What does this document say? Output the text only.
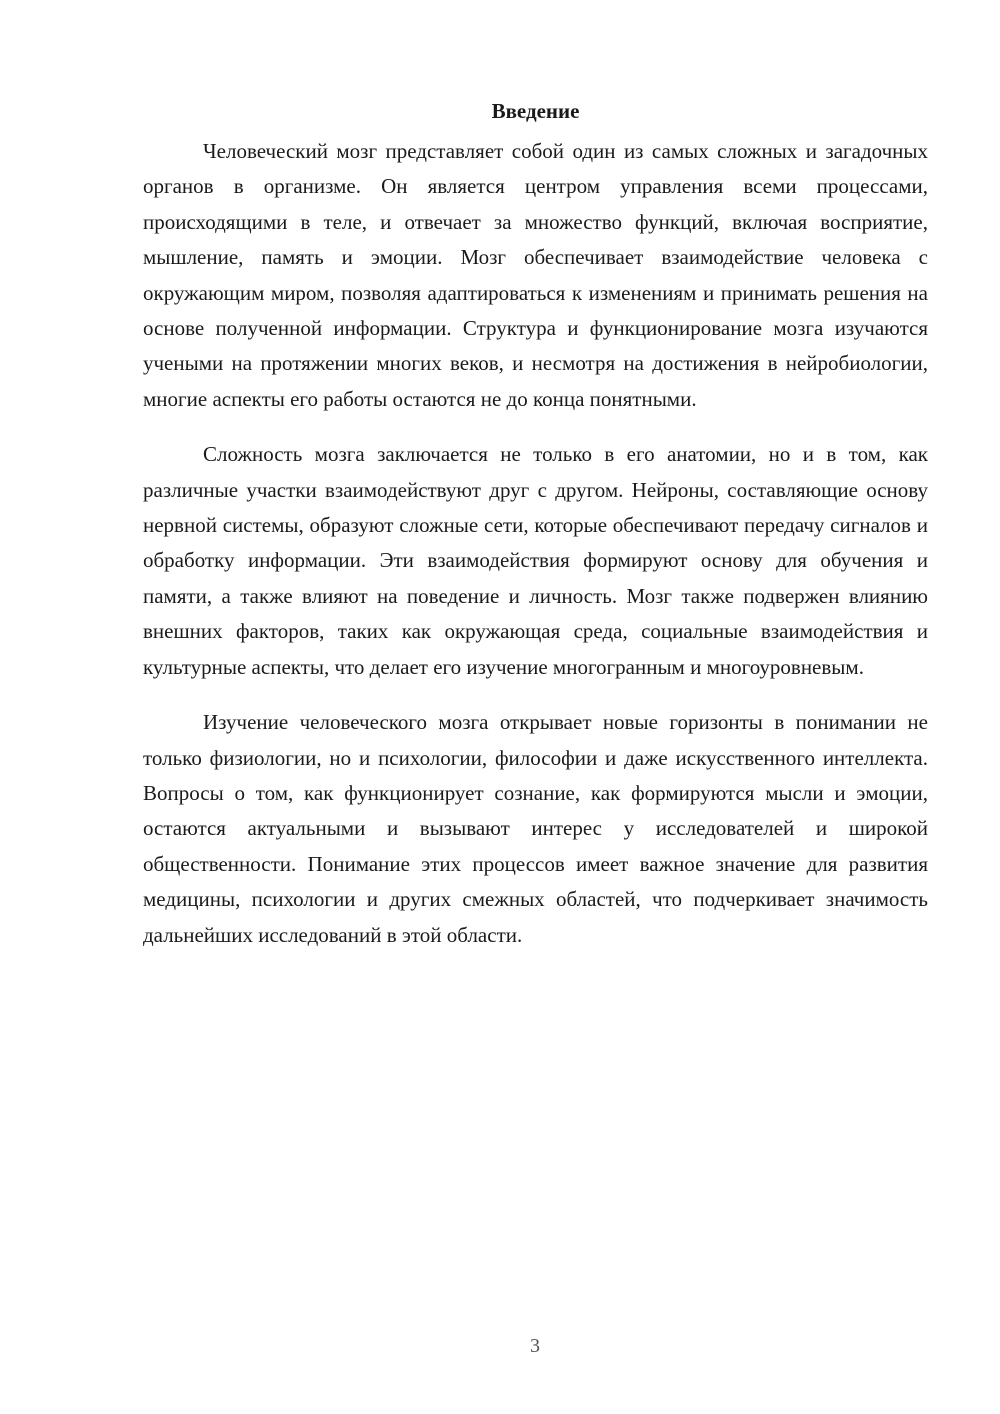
Введение

Человеческий мозг представляет собой один из самых сложных и загадочных органов в организме. Он является центром управления всеми процессами, происходящими в теле, и отвечает за множество функций, включая восприятие, мышление, память и эмоции. Мозг обеспечивает взаимодействие человека с окружающим миром, позволяя адаптироваться к изменениям и принимать решения на основе полученной информации. Структура и функционирование мозга изучаются учеными на протяжении многих веков, и несмотря на достижения в нейробиологии, многие аспекты его работы остаются не до конца понятными.

Сложность мозга заключается не только в его анатомии, но и в том, как различные участки взаимодействуют друг с другом. Нейроны, составляющие основу нервной системы, образуют сложные сети, которые обеспечивают передачу сигналов и обработку информации. Эти взаимодействия формируют основу для обучения и памяти, а также влияют на поведение и личность. Мозг также подвержен влиянию внешних факторов, таких как окружающая среда, социальные взаимодействия и культурные аспекты, что делает его изучение многогранным и многоуровневым.

Изучение человеческого мозга открывает новые горизонты в понимании не только физиологии, но и психологии, философии и даже искусственного интеллекта. Вопросы о том, как функционирует сознание, как формируются мысли и эмоции, остаются актуальными и вызывают интерес у исследователей и широкой общественности. Понимание этих процессов имеет важное значение для развития медицины, психологии и других смежных областей, что подчеркивает значимость дальнейших исследований в этой области.

3
